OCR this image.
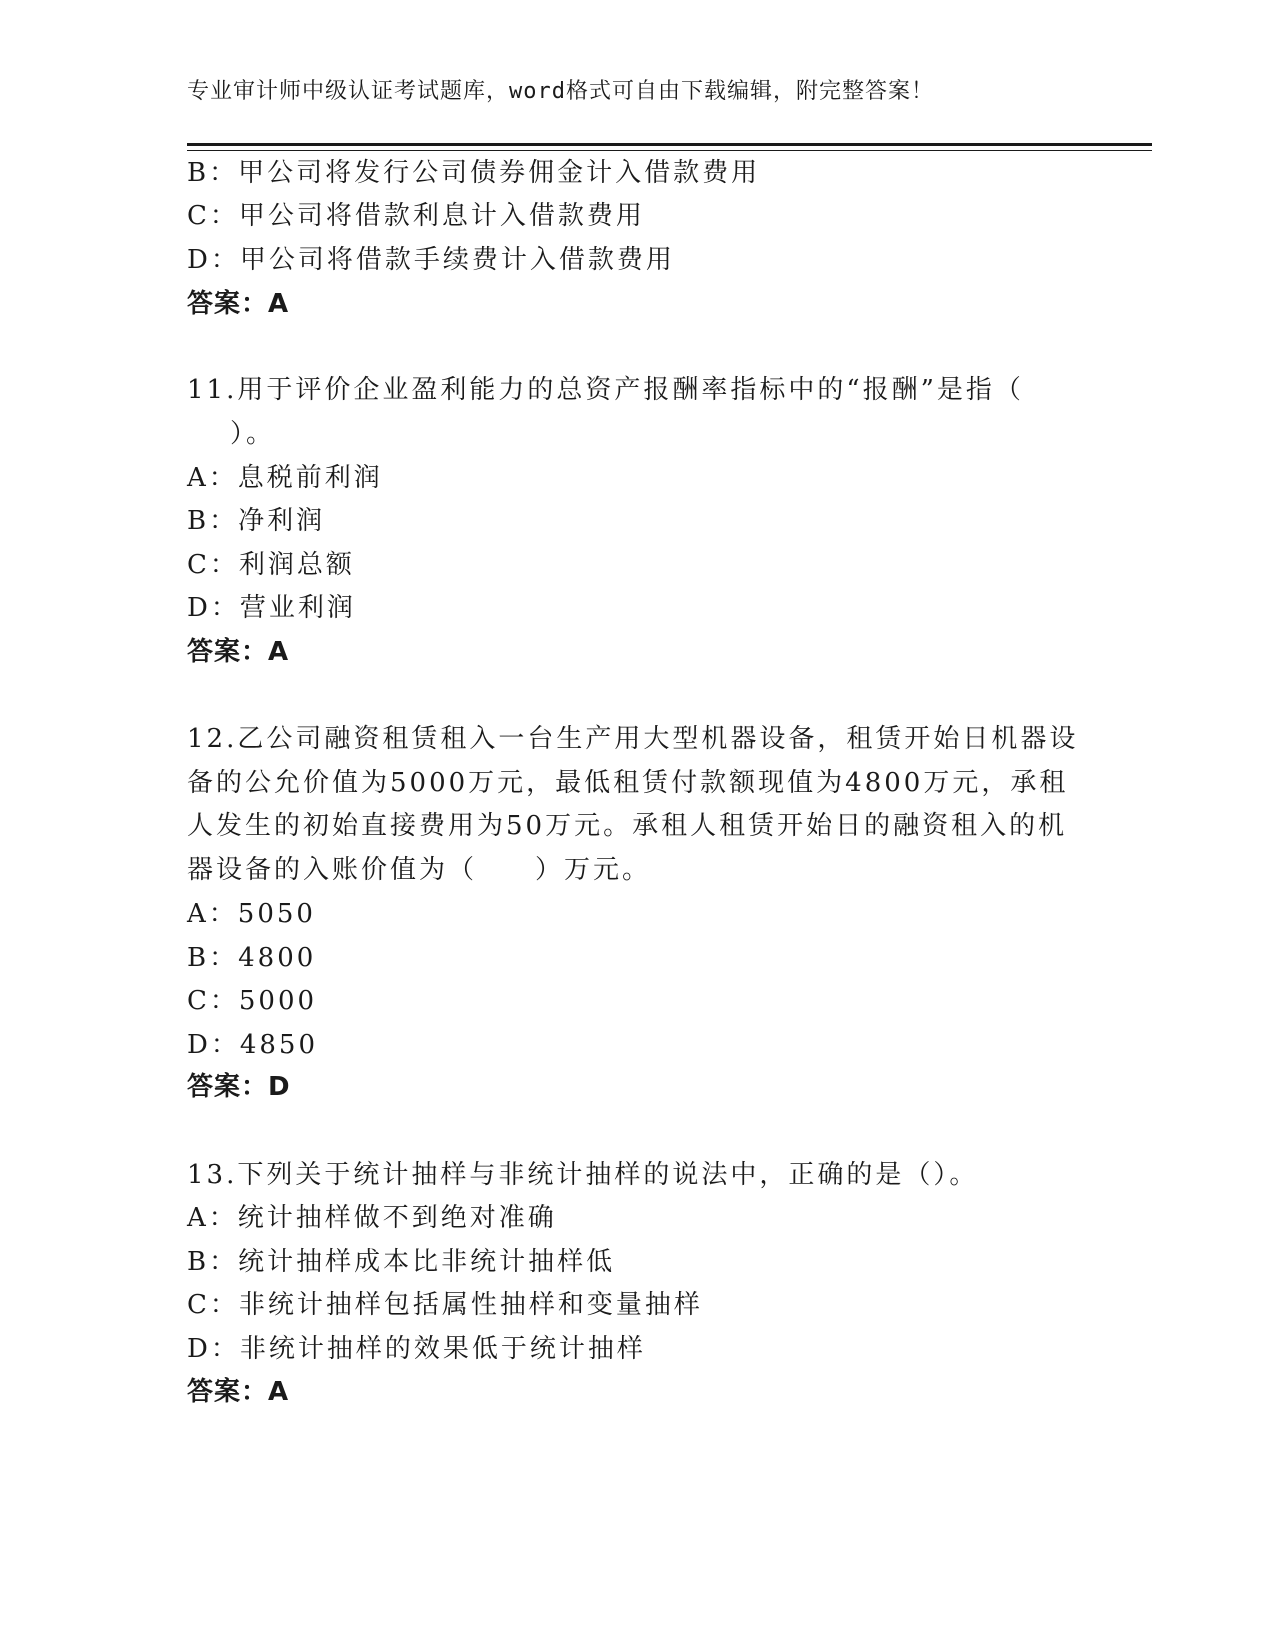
专业审计师中级认证考试题库，word格式可自由下载编辑，附完整答案！
B：甲公司将发行公司债券佣金计入借款费用
C：甲公司将借款利息计入借款费用
D：甲公司将借款手续费计入借款费用
答案：A
11.用于评价企业盈利能力的总资产报酬率指标中的“报酬”是指（
）。
A：息税前利润
B：净利润
C：利润总额
D：营业利润
答案：A
12.乙公司融资租赁租入一台生产用大型机器设备，租赁开始日机器设
备的公允价值为5000万元，最低租赁付款额现值为4800万元，承租
人发生的初始直接费用为50万元。承租人租赁开始日的融资租入的机
器设备的入账价值为（　　）万元。
A：5050
B：4800
C：5000
D：4850
答案：D
13.下列关于统计抽样与非统计抽样的说法中，正确的是（）。
A：统计抽样做不到绝对准确
B：统计抽样成本比非统计抽样低
C：非统计抽样包括属性抽样和变量抽样
D：非统计抽样的效果低于统计抽样
答案：A
